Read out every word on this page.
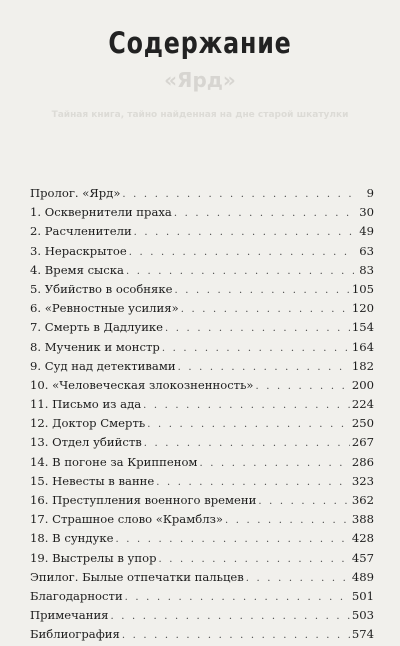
Содержание
«Ярд»
Тайная книга, тайно найденная на дне старой шкатулки
Пролог. «Ярд» . . .	9
1. Осквернители праха . . .	30
2. Расчленители . . .	49
3. Нераскрытое . . .	63
4. Время сыска . . .	83
5. Убийство в особняке . . .	105
6. «Ревностные усилия» . . .	120
7. Смерть в Дадлуике . . .	154
8. Мученик и монстр . . .	164
9. Суд над детективами . . .	182
10. «Человеческая злокозненность» . . .	200
11. Письмо из ада . . .	224
12. Доктор Смерть . . .	250
13. Отдел убийств . . .	267
14. В погоне за Криппеном . . .	286
15. Невесты в ванне . . .	323
16. Преступления военного времени . . .	362
17. Страшное слово «Крамблз» . . .	388
18. В сундуке . . .	428
19. Выстрелы в упор . . .	457
Эпилог. Былые отпечатки пальцев . . .	489
Благодарности . . .	501
Примечания . . .	503
Библиография . . .	574
